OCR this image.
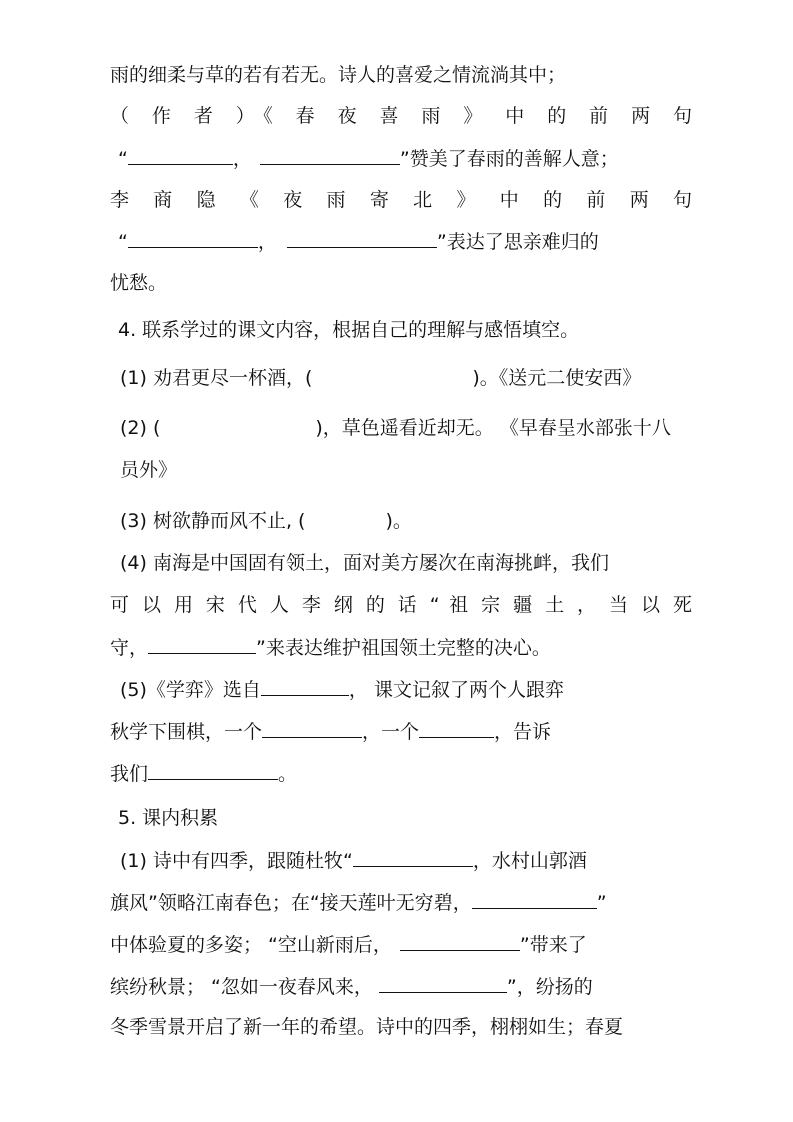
雨的细柔与草的若有若无。诗人的喜爱之情流淌其中；
（ 作 者 ）《 春 夜 喜 雨 》 中 的 前 两 句
“	，	”赞美了春雨的善解人意；
李 商 隐 《 夜 雨 寄 北 》 中 的 前 两 句
“	，	”表达了思亲难归的
忧愁。
4. 联系学过的课文内容，根据自己的理解与感悟填空。
(1) 劝君更尽一杯酒，(	)。《送元二使安西》
(2) (	)，草色遥看近却无。 《早春呈水部张十八
员外》
(3) 树欲静而风不止, (	)。
(4) 南海是中国固有领土，面对美方屡次在南海挑衅，我们
可 以 用 宋 代 人 李 纲 的 话 “ 祖 宗 疆 土 ， 当 以 死
守，	”来表达维护祖国领土完整的决心。
(5)《学弈》选自	， 课文记叙了两个人跟弈
秋学下围棋，一个	，一个	，告诉
我们	。
5. 课内积累
(1) 诗中有四季，跟随杜牧“	，水村山郭酒
旗风”领略江南春色；在“接天莲叶无穷碧，	”
中体验夏的多姿； “空山新雨后，	”带来了
缤纷秋景； “忽如一夜春风来，	”，纷扬的
冬季雪景开启了新一年的希望。诗中的四季，栩栩如生；春夏
